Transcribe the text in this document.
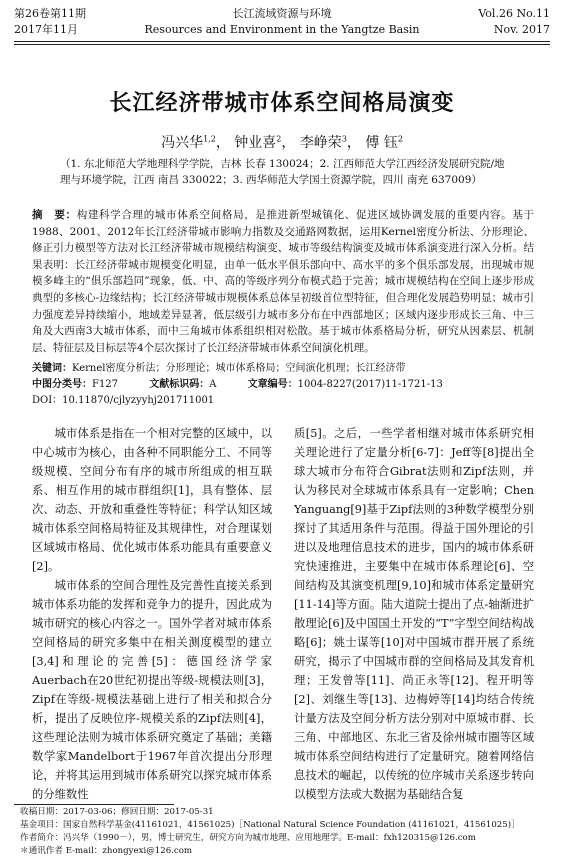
第26卷第11期
2017年11月
长江流域资源与环境
Resources and Environment in the Yangtze Basin
Vol.26 No.11
Nov. 2017
长江经济带城市体系空间格局演变
冯兴华$^{1,2}$， 钟业喜$^2$， 李峥荣$^3$， 傅 钰$^2$
（1. 东北师范大学地理科学学院，吉林 长春 130024；2. 江西师范大学江西经济发展研究院/地理与环境学院，江西 南昌 330022；3. 西华师范大学国土资源学院，四川 南充 637009）
摘　要：构建科学合理的城市体系空间格局，是推进新型城镇化、促进区域协调发展的重要内容。基于1988、2001、2012年长江经济带城市影响力指数及交通路网数据，运用Kernel密度分析法、分形理论、修正引力模型等方法对长江经济带城市规模结构演变、城市等级结构演变及城市体系演变进行深入分析。结果表明：长江经济带城市规模变化明显，由单一低水平俱乐部向中、高水平的多个俱乐部发展，出现城市规模多峰主的“俱乐部趋同”现象，低、中、高的等级序列分布模式趋于完善；城市规模结构在空间上逐步形成典型的多核心-边缘结构；长江经济带城市规模体系总体呈初级首位型特征，但合理化发展趋势明显；城市引力强度差异持续缩小，地域差异显著，低层级引力城市多分布在中西部地区；区域内逐步形成长三角、中三角及大西南3大城市体系，而中三角城市体系组织相对松散。基于城市体系格局分析，研究从因素层、机制层、特征层及目标层等4个层次探讨了长江经济带城市体系空间演化机理。
关键词：Kernel密度分析法；分形理论；城市体系格局；空间演化机理；长江经济带
中图分类号：F127	文献标识码：A	文章编号：1004-8227(2017)11-1721-13
DOI：10.11870/cjlyzyyhj201711001

城市体系是指在一个相对完整的区域中，以中心城市为核心，由各种不同职能分工、不同等级规模、空间分布有序的城市所组成的相互联系、相互作用的城市群组织[1]，具有整体、层次、动态、开放和重叠性等特征；科学认知区域城市体系空间格局特征及其规律性，对合理谋划区域城市格局、优化城市体系功能具有重要意义[2]。

城市体系的空间合理性及完善性直接关系到城市体系功能的发挥和竞争力的提升，因此成为城市研究的核心内容之一。国外学者对城市体系空间格局的研究多集中在相关测度模型的建立[3,4]和理论的完善[5]：德国经济学家Auerbach在20世纪初提出等级-规模法则[3]，Zipf在等级-规模法基础上进行了相关和拟合分析，提出了反映位序-规模关系的Zipf法则[4]，这些理论法则为城市体系研究奠定了基础；美籍数学家Mandelbort于1967年首次提出分形理论，并将其运用到城市体系研究以探究城市体系的分维数性

质[5]。之后，一些学者相继对城市体系研究相关理论进行了定量分析[6-7]：Jeff等[8]提出全球大城市分布符合Gibrat法则和Zipf法则，并认为移民对全球城市体系具有一定影响；Chen Yanguang[9]基于Zipf法则的3种数学模型分别探讨了其适用条件与范围。得益于国外理论的引进以及地理信息技术的进步，国内的城市体系研究快速推进，主要集中在城市体系理论[6]、空间结构及其演变机理[9,10]和城市体系定量研究[11-14]等方面。陆大道院士提出了点-轴渐进扩散理论[6]及中国国土开发的“T”字型空间结构战略[6]；姚士谋等[10]对中国城市群开展了系统研究，揭示了中国城市群的空间格局及其发育机理；王发曾等[11]、尚正永等[12]、程开明等[2]、刘继生等[13]、边梅婷等[14]均结合传统计量方法及空间分析方法分别对中原城市群、长三角、中部地区、东北三省及徐州城市圈等区域城市体系空间结构进行了定量研究。随着网络信息技术的崛起，以传统的位序城市关系逐步转向以模型方法或大数据为基础结合复

收稿日期：2017-03-06；修回日期：2017-05-31
基金项目：国家自然科学基金(41161021，41561025)［National Natural Science Foundation (41161021，41561025)］
作者简介：冯兴华（1990－），男，博士研究生，研究方向为城市地理、应用地理学。E-mail：fxh120315@126.com
＊通讯作者 E-mail：zhongyexi@126.com
